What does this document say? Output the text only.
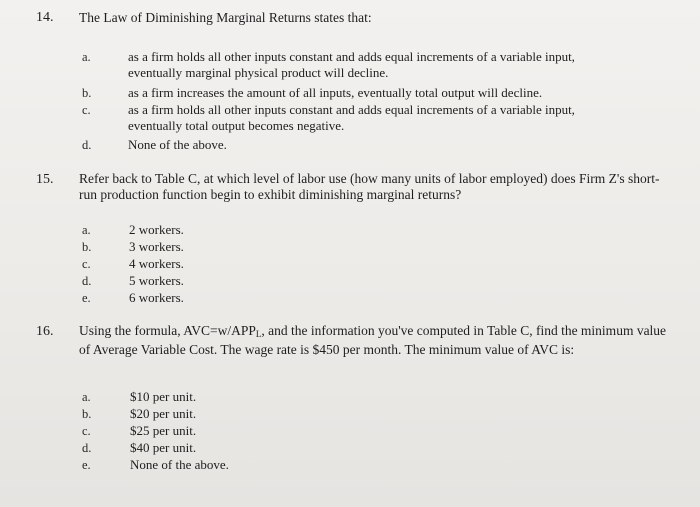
14. The Law of Diminishing Marginal Returns states that:
a.	as a firm holds all other inputs constant and adds equal increments of a variable input, eventually marginal physical product will decline.
b.	as a firm increases the amount of all inputs, eventually total output will decline.
c.	as a firm holds all other inputs constant and adds equal increments of a variable input, eventually total output becomes negative.
d.	None of the above.
15. Refer back to Table C, at which level of labor use (how many units of labor employed) does Firm Z's short-run production function begin to exhibit diminishing marginal returns?
a.	2 workers.
b.	3 workers.
c.	4 workers.
d.	5 workers.
e.	6 workers.
16. Using the formula, $AVC=w/APP_L$, and the information you've computed in Table C, find the minimum value of Average Variable Cost. The wage rate is $450 per month. The minimum value of AVC is:
a.	$10 per unit.
b.	$20 per unit.
c.	$25 per unit.
d.	$40 per unit.
e.	None of the above.
